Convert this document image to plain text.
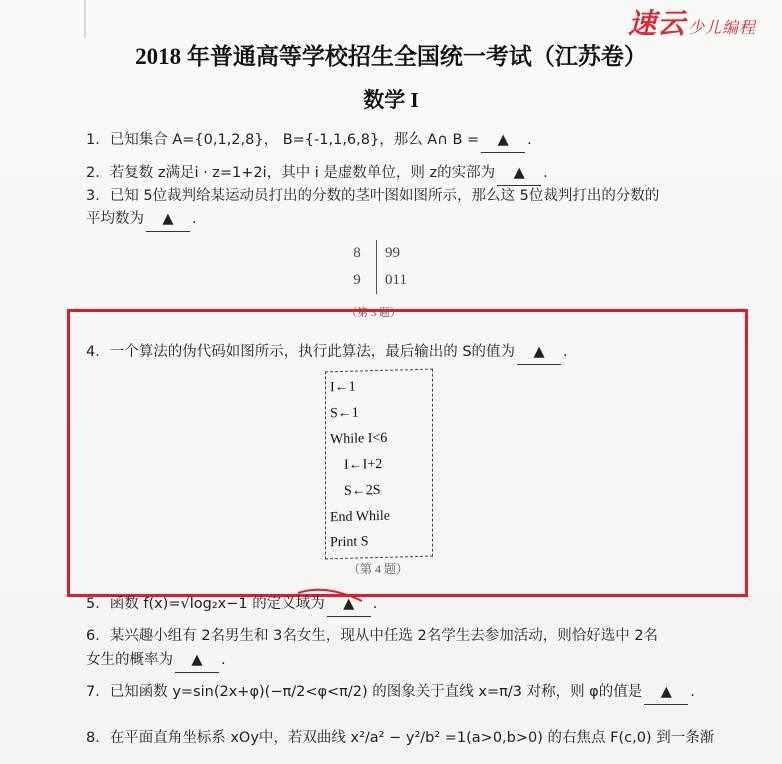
速云 少儿编程
2018 年普通高等学校招生全国统一考试（江苏卷）
数学 I
1．已知集合 A={0,1,2,8}， B={-1,1,6,8}，那么 A∩ B = ▲ .
2．若复数 z满足i · z=1+2i，其中 i 是虚数单位，则 z的实部为 ▲ .
3．已知 5位裁判给某运动员打出的分数的茎叶图如图所示，那么这 5位裁判打出的分数的
平均数为 ▲ .
8	99
9	011
（第 3 题）
4．一个算法的伪代码如图所示，执行此算法，最后输出的 S的值为 ▲ .
I←1
S←1
While I<6
I←I+2
S←2S
End While
Print S
（第 4 题）
5．函数 f(x)=√log₂x−1 的定义域为 ▲ .
6．某兴趣小组有 2名男生和 3名女生，现从中任选 2名学生去参加活动，则恰好选中 2名
女生的概率为 ▲ .
7．已知函数 y=sin(2x+φ)(−π/2<φ<π/2) 的图象关于直线 x=π/3 对称，则 φ的值是 ▲ .
8．在平面直角坐标系 xOy中，若双曲线 x²/a² − y²/b² =1(a>0,b>0) 的右焦点 F(c,0) 到一条渐
